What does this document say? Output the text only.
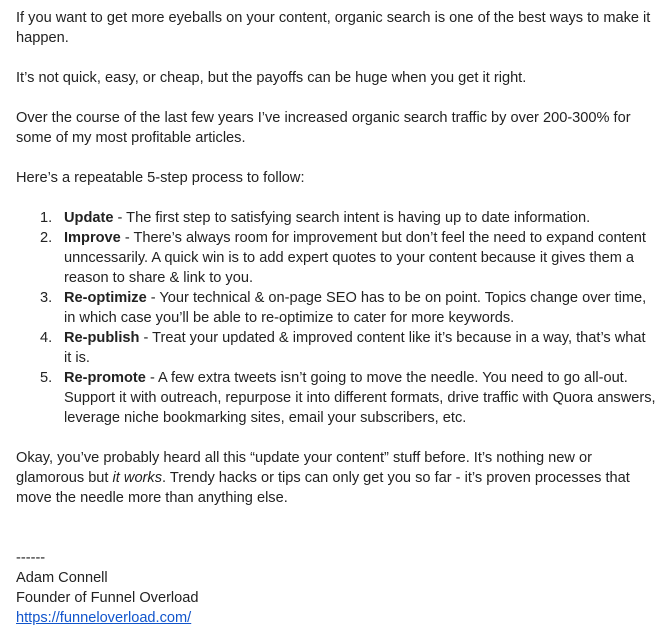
If you want to get more eyeballs on your content, organic search is one of the best ways to make it happen.

It’s not quick, easy, or cheap, but the payoffs can be huge when you get it right.

Over the course of the last few years I’ve increased organic search traffic by over 200-300% for some of my most profitable articles.

Here’s a repeatable 5-step process to follow:

1. Update - The first step to satisfying search intent is having up to date information.
2. Improve - There’s always room for improvement but don’t feel the need to expand content unncessarily. A quick win is to add expert quotes to your content because it gives them a reason to share & link to you.
3. Re-optimize - Your technical & on-page SEO has to be on point. Topics change over time, in which case you’ll be able to re-optimize to cater for more keywords.
4. Re-publish - Treat your updated & improved content like it’s because in a way, that’s what it is.
5. Re-promote - A few extra tweets isn’t going to move the needle. You need to go all-out. Support it with outreach, repurpose it into different formats, drive traffic with Quora answers, leverage niche bookmarking sites, email your subscribers, etc.

Okay, you’ve probably heard all this “update your content” stuff before. It’s nothing new or glamorous but it works. Trendy hacks or tips can only get you so far - it’s proven processes that move the needle more than anything else.

------

Adam Connell

Founder of Funnel Overload

https://funneloverload.com/
